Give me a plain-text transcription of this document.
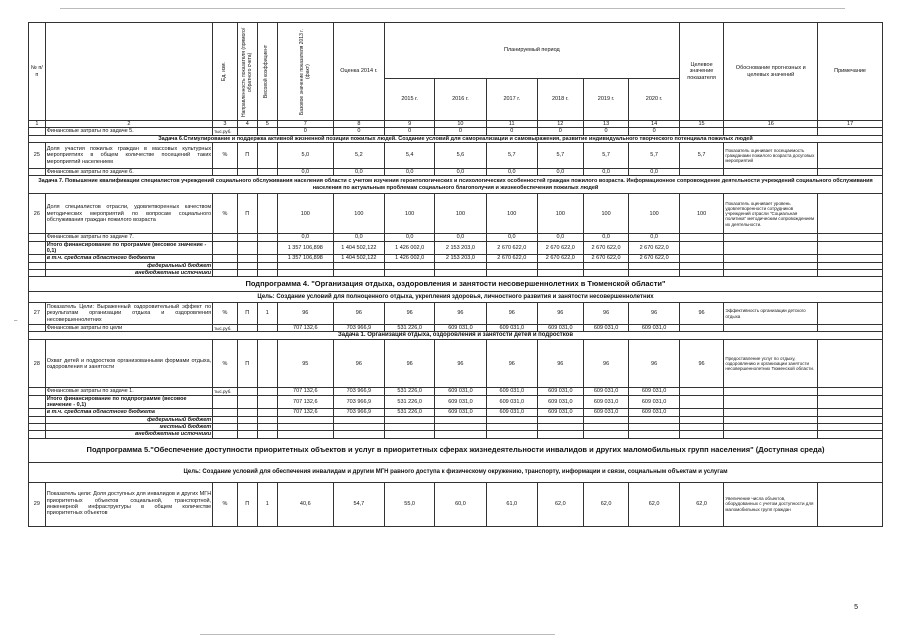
–
№ п/п		Ед. изм.	Направленность показателя (прямого/обратного счета)	Весовой коэффициент	Базовое значение показателя 2013 г. (факт)	Оценка 2014 г.	Планируемый период						Целевое значение показателя	Обоснование прогнозных и целевых значений	Примечание
							2015 г.	2016 г.	2017 г.	2018 г.	2019 г.	2020 г.			
1	2	3	4	5	7	8	9	10	11	12	13	14	15	16	17
	Финансовые затраты по задаче 5.	тыс.руб.			0	0	0	0	0	0	0	0			
Задача 6.Стимулирование и поддержка активной жизненной позиции пожилых людей. Создание условий для самореализации и самовыражения, развитие индивидуального творческого потенциала пожилых людей															
25	Доля участия пожилых граждан в массовых культурных мероприятиях в общем количестве посещений таких мероприятий населением	%	П		5,0	5,2	5,4	5,6	5,7	5,7	5,7	5,7	5,7	Показатель оценивает посещаемость гражданами пожилого возраста досуговых мероприятий	
	Финансовые затраты по задаче 6.				0,0	0,0	0,0	0,0	0,0	0,0	0,0	0,0			
Задача 7. Повышение квалификации специалистов учреждений социального обслуживания населения области с учетом изучения геронтологических и психологических особенностей граждан пожилого возраста. Информационное сопровождение деятельности учреждений социального обслуживания населения по актуальным проблемам социального благополучия и жизнеобеспечения пожилых людей															
26	Доля специалистов отрасли, удовлетворенных качеством методических мероприятий по вопросам социального обслуживания граждан пожилого возраста	%	П		100	100	100	100	100	100	100	100	100	Показатель оценивает уровень удовлетворенности сотрудников учреждений отрасли "Социальная политика" методическим сопровождением их деятельности.	
	Финансовые затраты по задаче 7.				0,0	0,0	0,0	0,0	0,0	0,0	0,0	0,0			
	Итого финансирование по программе (весовое значение - 0,1)				1 357 106,898	1 404 502,122	1 426 002,0	2 153 203,0	2 670 622,0	2 670 622,0	2 670 622,0	2 670 622,0			
	в т.ч. средства областного бюджета				1 357 106,898	1 404 502,122	1 426 002,0	2 153 203,0	2 670 622,0	2 670 622,0	2 670 622,0	2 670 622,0			
	федеральный бюджет														
	внебюджетные источники														
Подпрограмма 4. "Организация отдыха, оздоровления и занятости несовершеннолетних в Тюменской области"															
Цель: Создание условий для полноценного отдыха, укрепления здоровья, личностного развития и занятости несовершеннолетних															
27	Показатель Цели: Выраженный оздоровительный эффект по результатам организации отдыха и оздоровления несовершеннолетних	%	П	1	96	96	96	96	96	96	96	96	96	Эффективность организации детского отдыха	
	Финансовые затраты по цели	тыс.руб.			707 132,6	703 966,9	531 226,0	609 031,0	609 031,0	609 031,0	609 031,0	609 031,0			
Задача 1. Организация отдыха, оздоровления и занятости детей и подростков															
28	Охват детей и подростков организованными формами отдыха, оздоровления и занятости	%	П		95	96	96	96	96	96	96	96	96	Предоставление услуг по отдыху, оздоровлению и организации занятости несовершеннолетних Тюменской области.	
	Финансовые затраты по задаче 1.	тыс.руб.			707 132,6	703 966,9	531 226,0	609 031,0	609 031,0	609 031,0	609 031,0	609 031,0			
	Итого финансирование по подпрограмме (весовое значение - 0,1)				707 132,6	703 966,9	531 226,0	609 031,0	609 031,0	609 031,0	609 031,0	609 031,0			
	в т.ч. средства областного бюджета				707 132,6	703 966,9	531 226,0	609 031,0	609 031,0	609 031,0	609 031,0	609 031,0			
	федеральный бюджет														
	местный бюджет														
	внебюджетные источники														
Подпрограмма 5."Обеспечение доступности приоритетных объектов и услуг в приоритетных сферах жизнедеятельности инвалидов и других маломобильных групп населения" (Доступная среда)															
Цель: Создание условий для обеспечения инвалидам и другим МГН равного доступа к физическому окружению, транспорту, информации и связи, социальным объектам и услугам															
29	Показатель цели: Доля доступных для инвалидов и других МГН приоритетных объектов социальной, транспортной, инженерной инфраструктуры в общем количестве приоритетных объектов	%	П	1	40,6	54,7	55,0	60,0	61,0	62,0	62,0	62,0	62,0	Увеличение числа объектов, оборудованных с учетом доступности для маломобильных групп граждан	
5
